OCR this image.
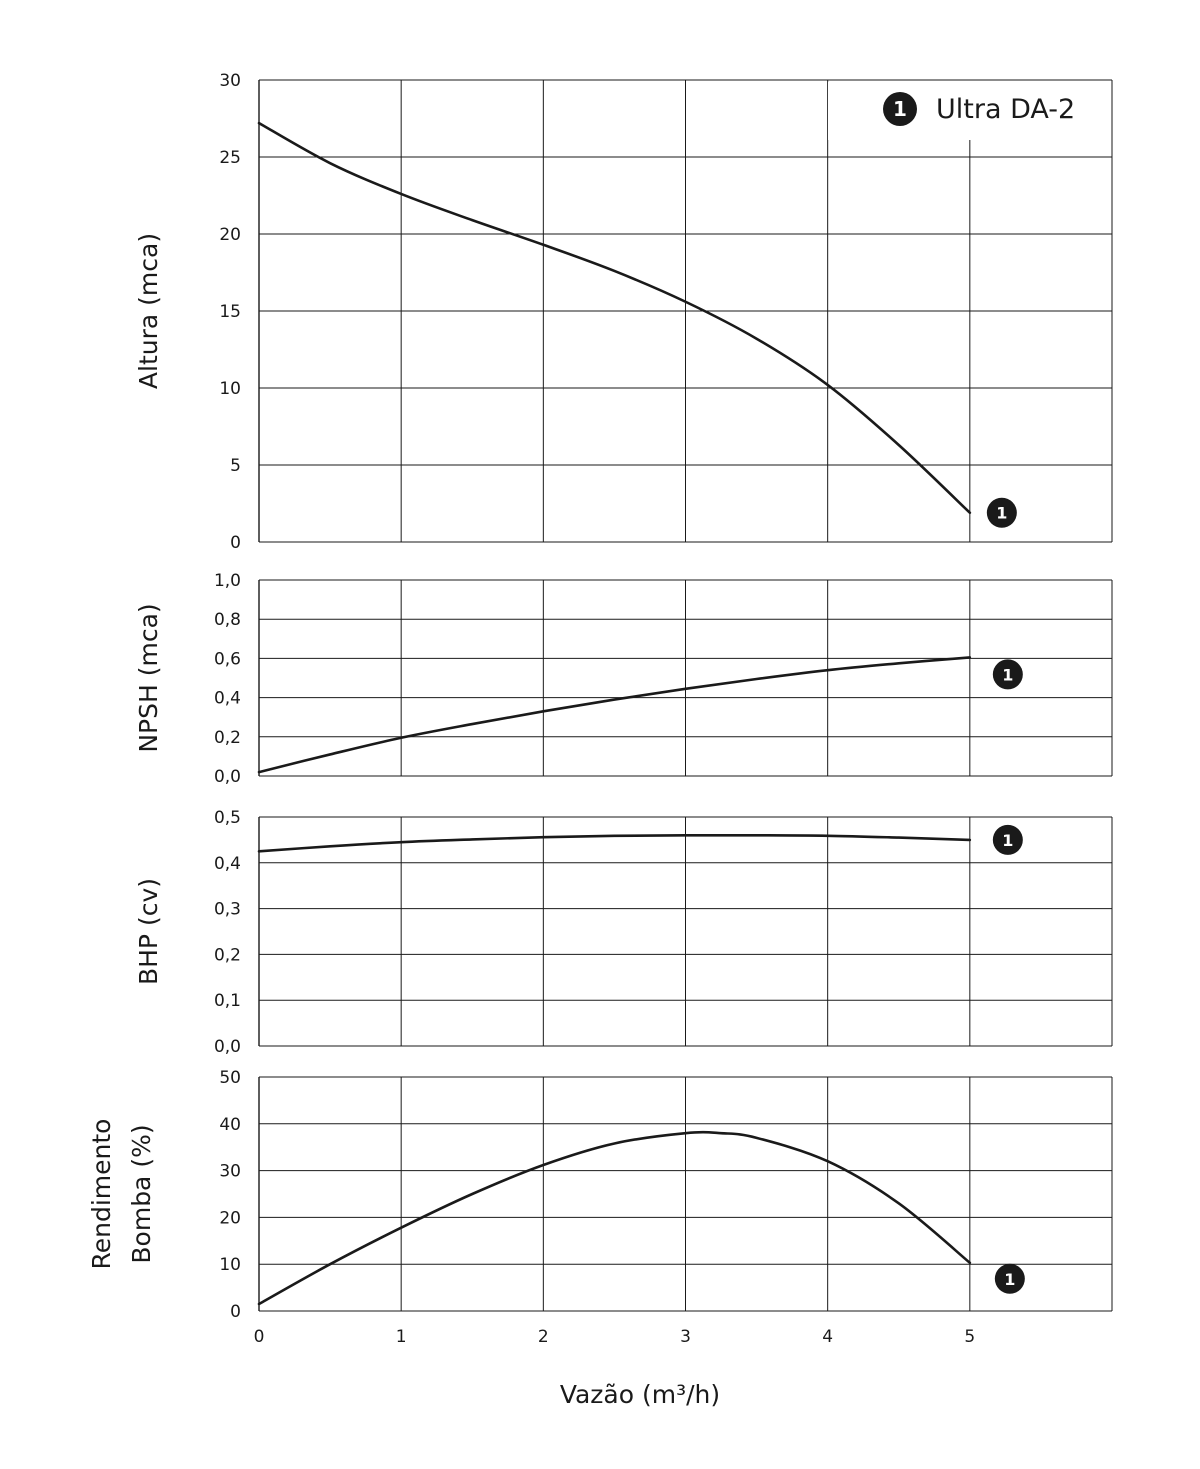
0
5
10
15
20
25
30
Altura (mca)
1
0,0
0,2
0,4
0,6
0,8
1,0
NPSH (mca)	1
0,0
0,1
0,2
0,3
0,4
0,5
BHP (cv)
1
0
10
20
30
40
50
Rendimento Bomba (%)
1
0	1	2	3	4	5
Vazão (m³/h)
1 Ultra DA-2
